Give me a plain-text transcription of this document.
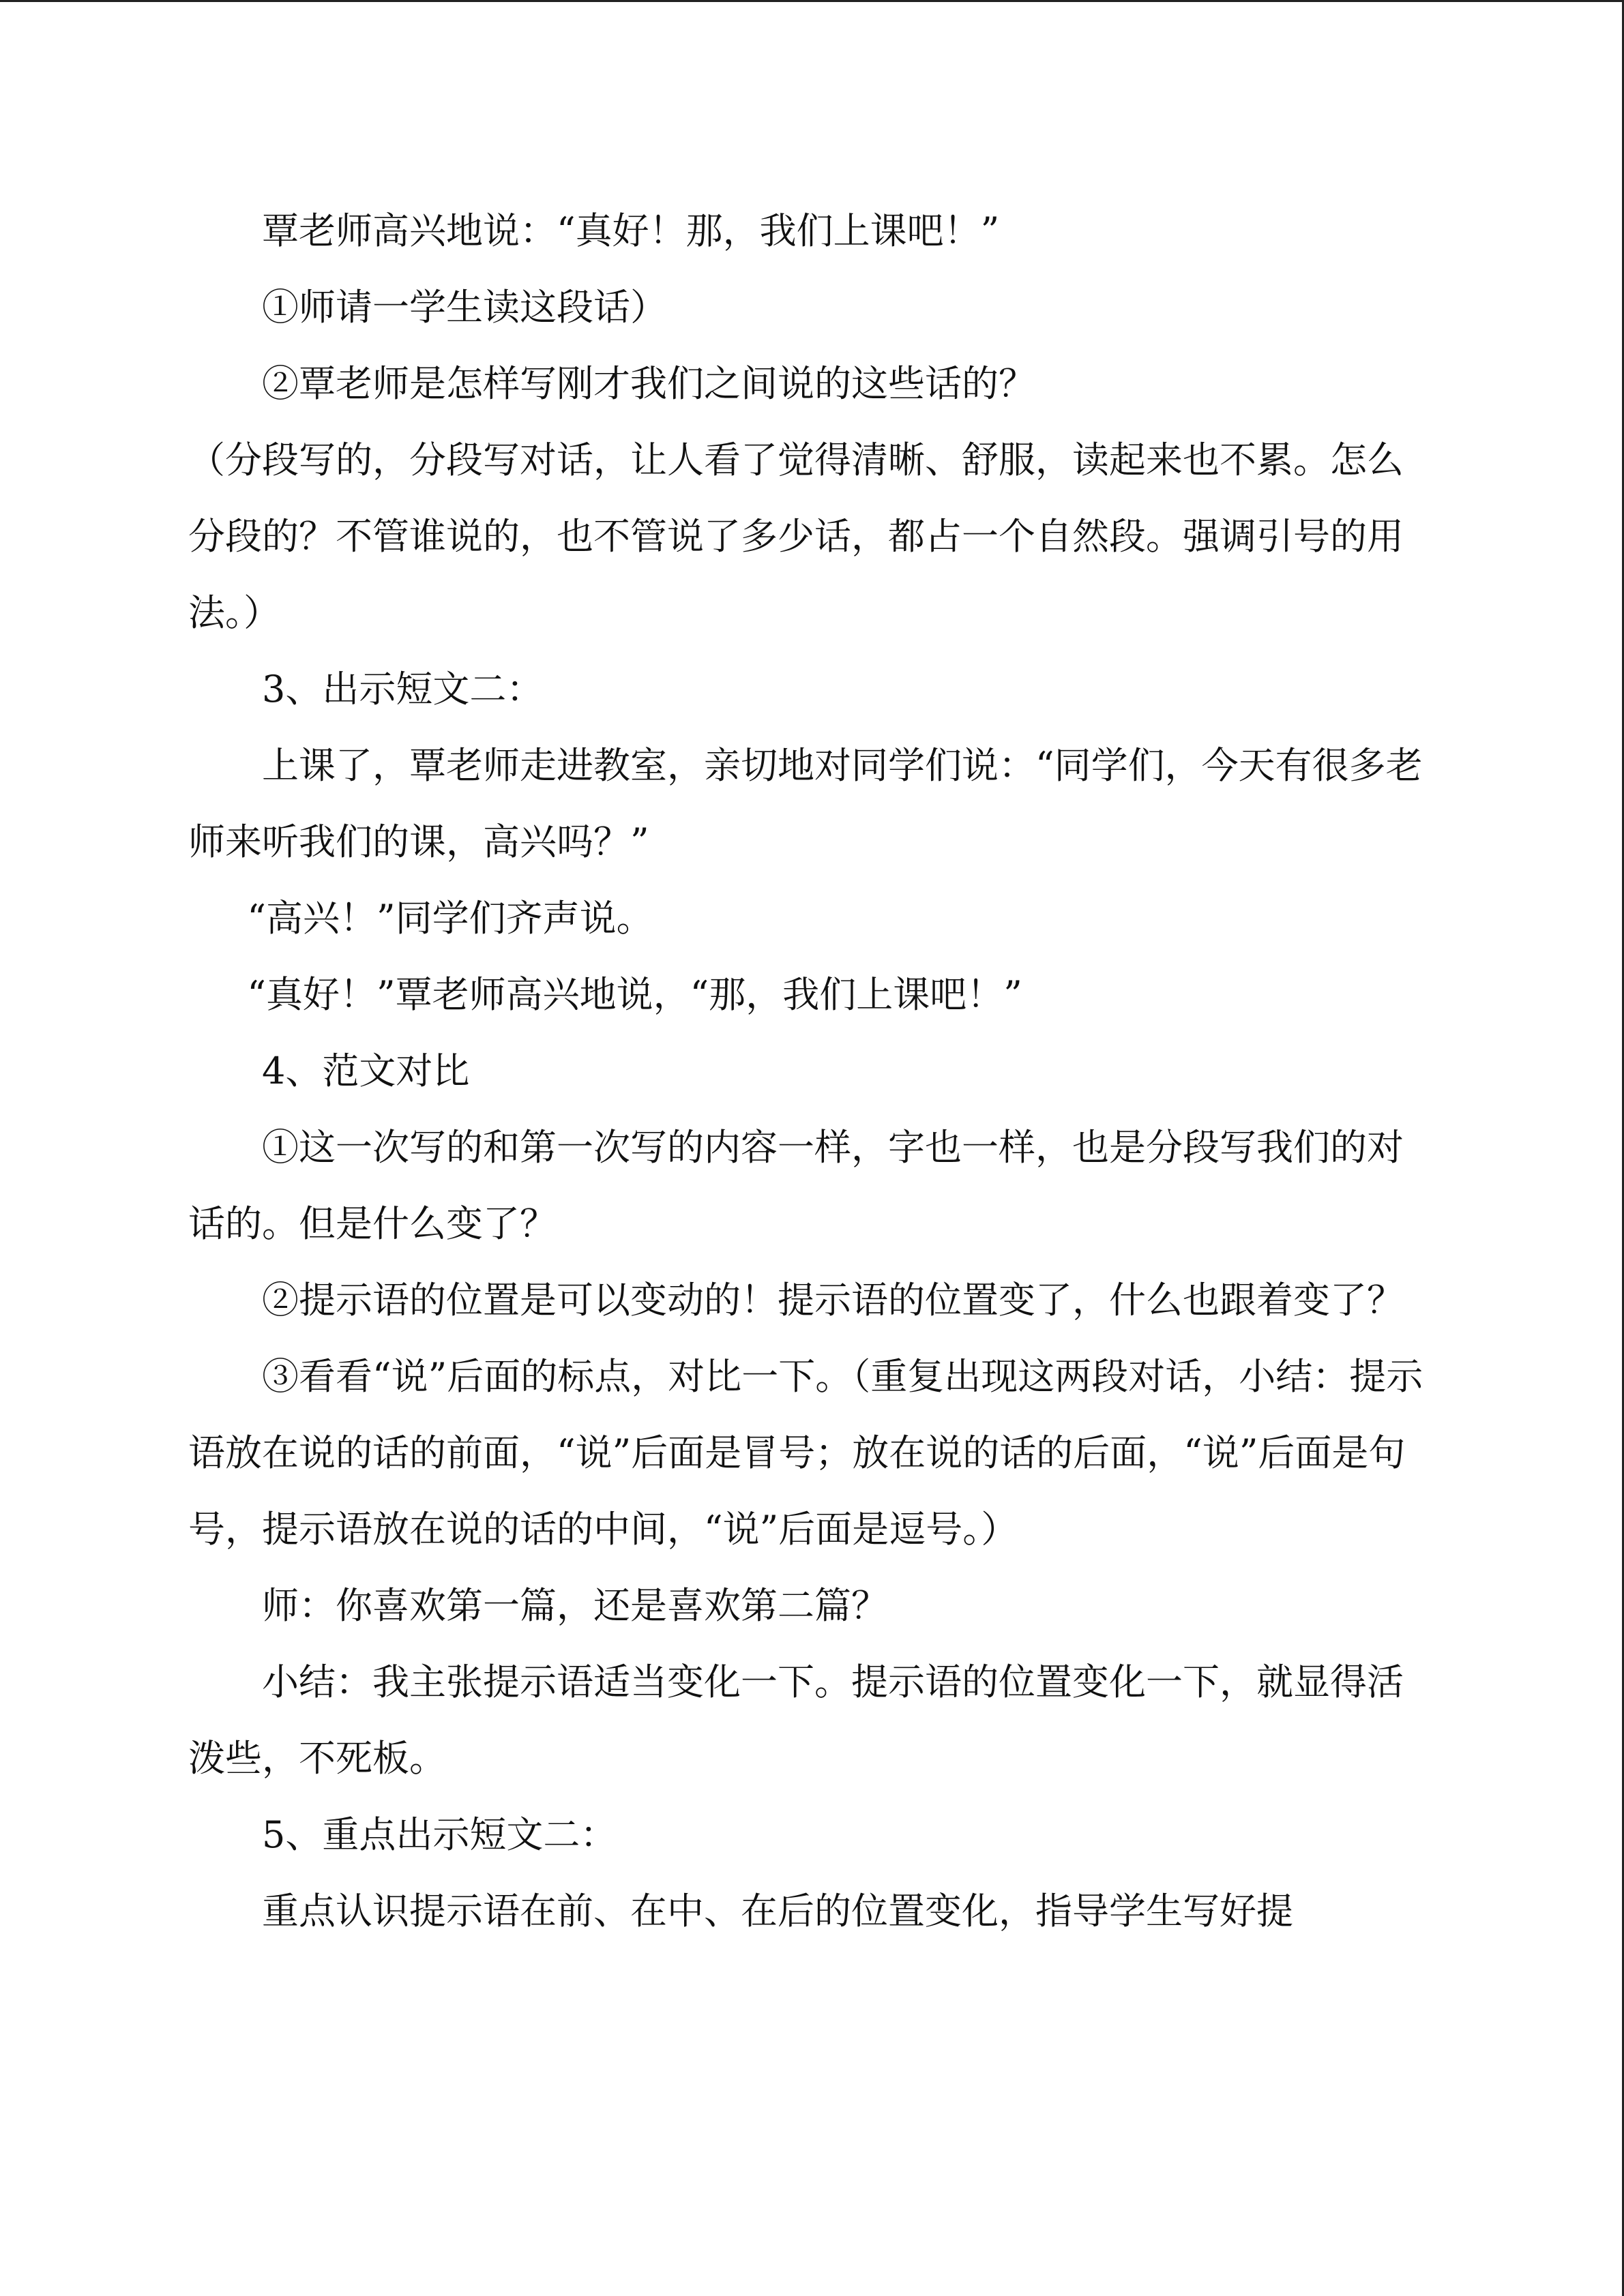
覃老师高兴地说：“真好！那，我们上课吧！”

①师请一学生读这段话）

②覃老师是怎样写刚才我们之间说的这些话的？

（分段写的，分段写对话，让人看了觉得清晰、舒服，读起来也不累。怎么分段的？不管谁说的，也不管说了多少话，都占一个自然段。强调引号的用法。）

3、出示短文二：

上课了，覃老师走进教室，亲切地对同学们说：“同学们，今天有很多老师来听我们的课，高兴吗？”

“高兴！”同学们齐声说。

“真好！”覃老师高兴地说，“那，我们上课吧！”

4、范文对比

①这一次写的和第一次写的内容一样，字也一样，也是分段写我们的对话的。但是什么变了？

②提示语的位置是可以变动的！提示语的位置变了，什么也跟着变了？

③看看“说”后面的标点，对比一下。（重复出现这两段对话，小结：提示语放在说的话的前面，“说”后面是冒号；放在说的话的后面，“说”后面是句号，提示语放在说的话的中间，“说”后面是逗号。）

师：你喜欢第一篇，还是喜欢第二篇？

小结：我主张提示语适当变化一下。提示语的位置变化一下，就显得活泼些，不死板。

5、重点出示短文二：

重点认识提示语在前、在中、在后的位置变化，指导学生写好提
